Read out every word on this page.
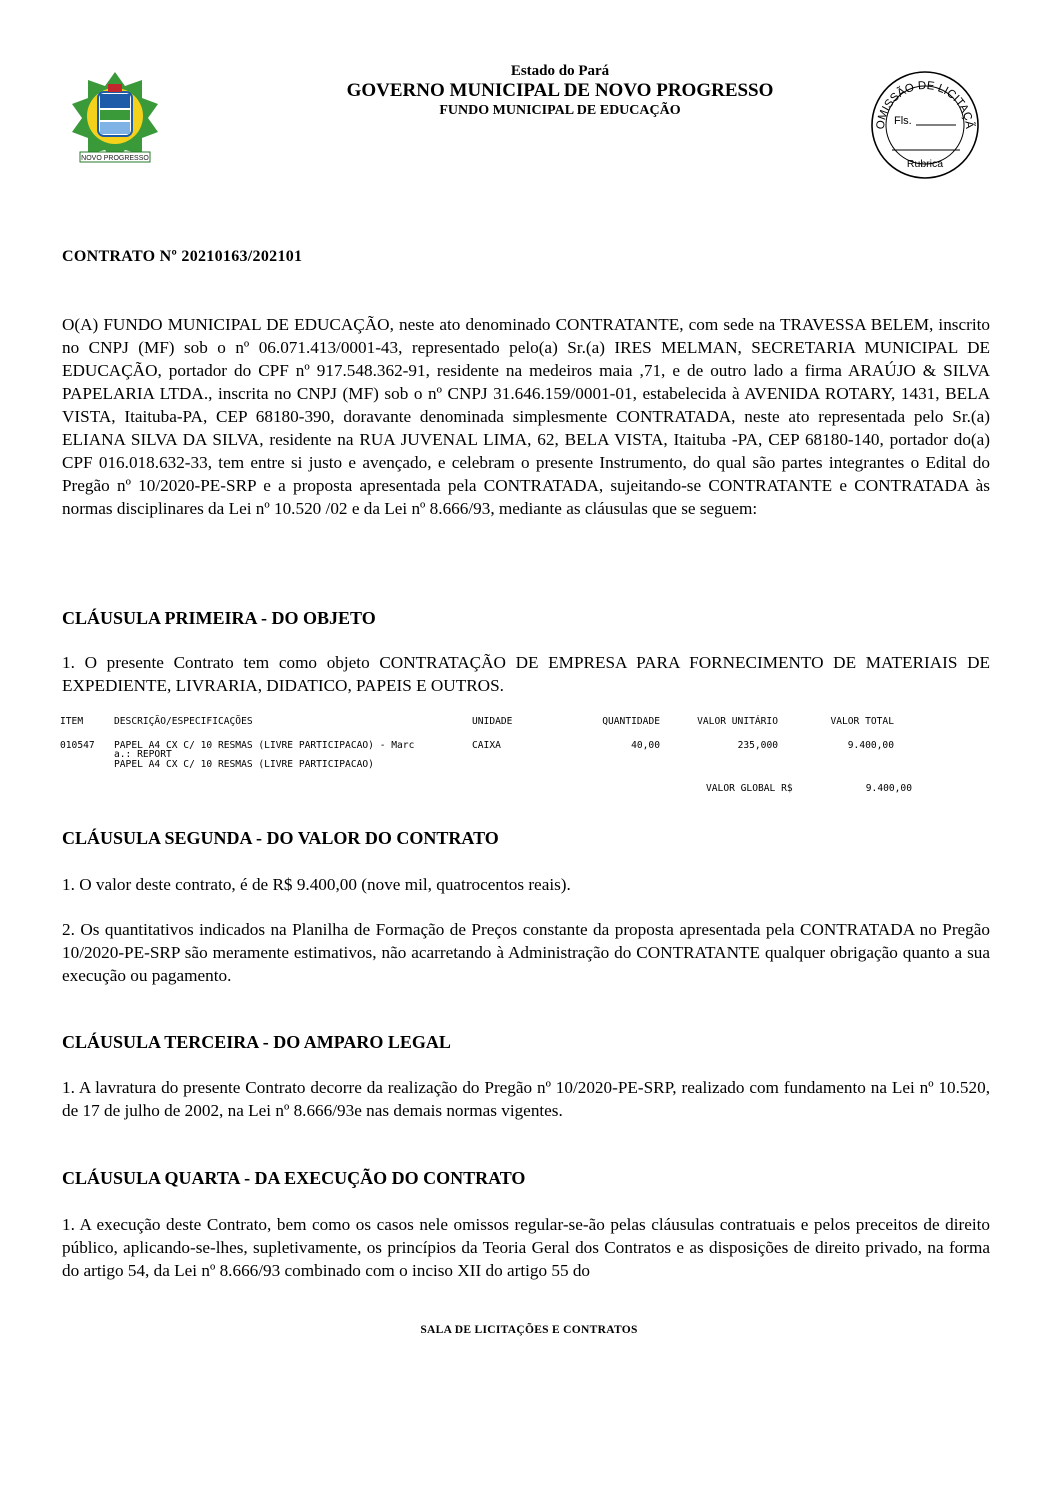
NOVO PROGRESSO
Estado do Pará
GOVERNO MUNICIPAL DE NOVO PROGRESSO
FUNDO MUNICIPAL DE EDUCAÇÃO
OMISSÃO DE LICITAÇÃ
Fls.
Rubrica
CONTRATO Nº 20210163/202101
O(A) FUNDO MUNICIPAL DE EDUCAÇÃO, neste ato denominado CONTRATANTE, com sede na TRAVESSA BELEM, inscrito no CNPJ (MF) sob o nº 06.071.413/0001-43, representado pelo(a) Sr.(a) IRES MELMAN, SECRETARIA MUNICIPAL DE EDUCAÇÃO, portador do CPF nº 917.548.362-91, residente na medeiros maia ,71, e de outro lado a firma ARAÚJO & SILVA PAPELARIA LTDA., inscrita no CNPJ (MF) sob o nº CNPJ 31.646.159/0001-01, estabelecida à AVENIDA ROTARY, 1431, BELA VISTA, Itaituba-PA, CEP 68180-390, doravante denominada simplesmente CONTRATADA, neste ato representada pelo Sr.(a) ELIANA SILVA DA SILVA, residente na RUA JUVENAL LIMA, 62, BELA VISTA, Itaituba -PA, CEP 68180-140, portador do(a) CPF 016.018.632-33, tem entre si justo e avençado, e celebram o presente Instrumento, do qual são partes integrantes o Edital do Pregão nº 10/2020-PE-SRP e a proposta apresentada pela CONTRATADA, sujeitando-se CONTRATANTE e CONTRATADA às normas disciplinares da Lei nº 10.520 /02 e da Lei nº 8.666/93, mediante as cláusulas que se seguem:
CLÁUSULA PRIMEIRA - DO OBJETO
1. O presente Contrato tem como objeto CONTRATAÇÃO DE EMPRESA PARA FORNECIMENTO DE MATERIAIS DE EXPEDIENTE, LIVRARIA, DIDATICO, PAPEIS E OUTROS.
ITEM	DESCRIÇÃO/ESPECIFICAÇÕES	UNIDADE	QUANTIDADE	VALOR UNITÁRIO	VALOR TOTAL
010547 PAPEL A4 CX C/ 10 RESMAS (LIVRE PARTICIPACAO) - Marc	CAIXA	40,00	235,000	9.400,00
a.: REPORT
PAPEL A4 CX C/ 10 RESMAS (LIVRE PARTICIPACAO)
VALOR GLOBAL R$	9.400,00
CLÁUSULA SEGUNDA - DO VALOR DO CONTRATO
1. O valor deste contrato, é de R$ 9.400,00 (nove mil, quatrocentos reais).
2. Os quantitativos indicados na Planilha de Formação de Preços constante da proposta apresentada pela CONTRATADA no Pregão 10/2020-PE-SRP são meramente estimativos, não acarretando à Administração do CONTRATANTE qualquer obrigação quanto a sua execução ou pagamento.
CLÁUSULA TERCEIRA - DO AMPARO LEGAL
1. A lavratura do presente Contrato decorre da realização do Pregão nº 10/2020-PE-SRP, realizado com fundamento na Lei nº 10.520, de 17 de julho de 2002, na Lei nº 8.666/93e nas demais normas vigentes.
CLÁUSULA QUARTA - DA EXECUÇÃO DO CONTRATO
1. A execução deste Contrato, bem como os casos nele omissos regular-se-ão pelas cláusulas contratuais e pelos preceitos de direito público, aplicando-se-lhes, supletivamente, os princípios da Teoria Geral dos Contratos e as disposições de direito privado, na forma do artigo 54, da Lei nº 8.666/93 combinado com o inciso XII do artigo 55 do
SALA DE LICITAÇÕES E CONTRATOS
